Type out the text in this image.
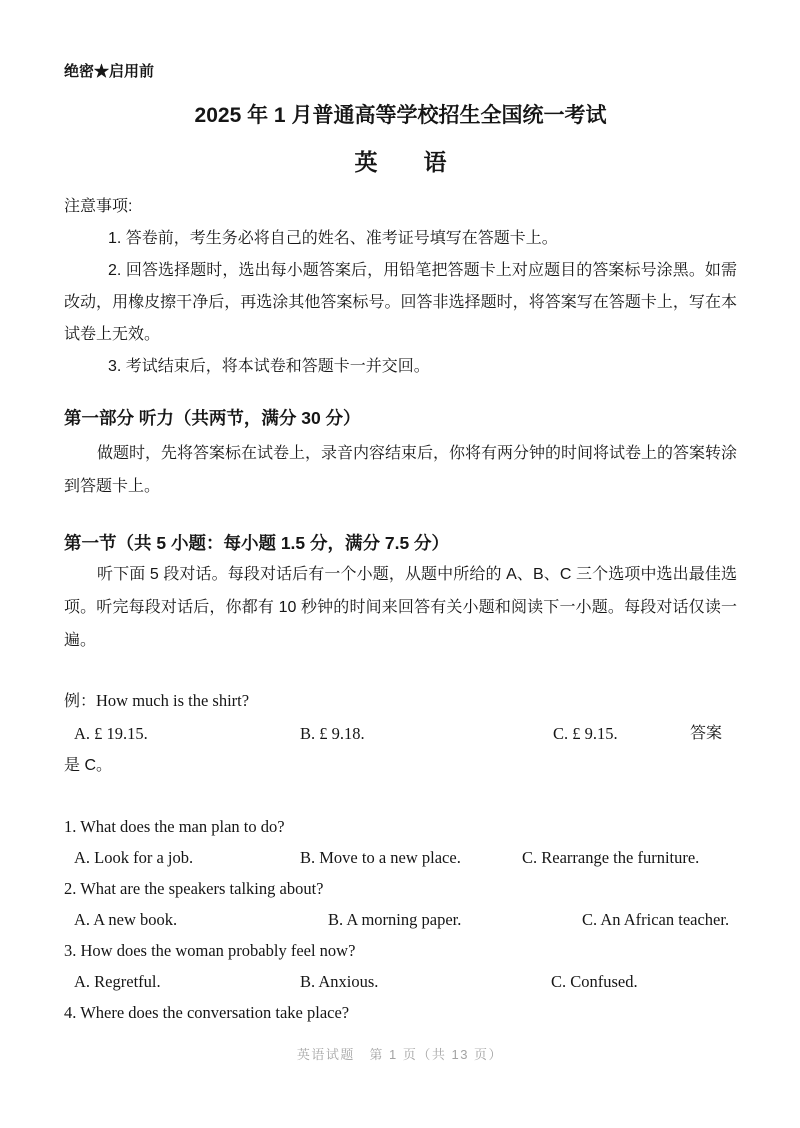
绝密★启用前
2025 年 1 月普通高等学校招生全国统一考试
英　　语
注意事项:

1. 答卷前，考生务必将自己的姓名、准考证号填写在答题卡上。

2. 回答选择题时，选出每小题答案后，用铅笔把答题卡上对应题目的答案标号涂黑。如需改动，用橡皮擦干净后，再选涂其他答案标号。回答非选择题时，将答案写在答题卡上，写在本试卷上无效。

3. 考试结束后，将本试卷和答题卡一并交回。

第一部分 听力（共两节，满分 30 分）

做题时，先将答案标在试卷上，录音内容结束后，你将有两分钟的时间将试卷上的答案转涂到答题卡上。

第一节（共 5 小题：每小题 1.5 分，满分 7.5 分）

听下面 5 段对话。每段对话后有一个小题，从题中所给的 A、B、C 三个选项中选出最佳选项。听完每段对话后，你都有 10 秒钟的时间来回答有关小题和阅读下一小题。每段对话仅读一遍。

例：How much is the shirt?
A. £ 19.15.	B. £ 9.18.	C. £ 9.15.	答案
是 C。
1. What does the man plan to do?
A. Look for a job.	B. Move to a new place.	C. Rearrange the furniture.
2. What are the speakers talking about?
A. A new book.	B. A morning paper.	C. An African teacher.
3. How does the woman probably feel now?
A. Regretful.	B. Anxious.	C. Confused.
4. Where does the conversation take place?
英语试题　第 1 页（共 13 页）
